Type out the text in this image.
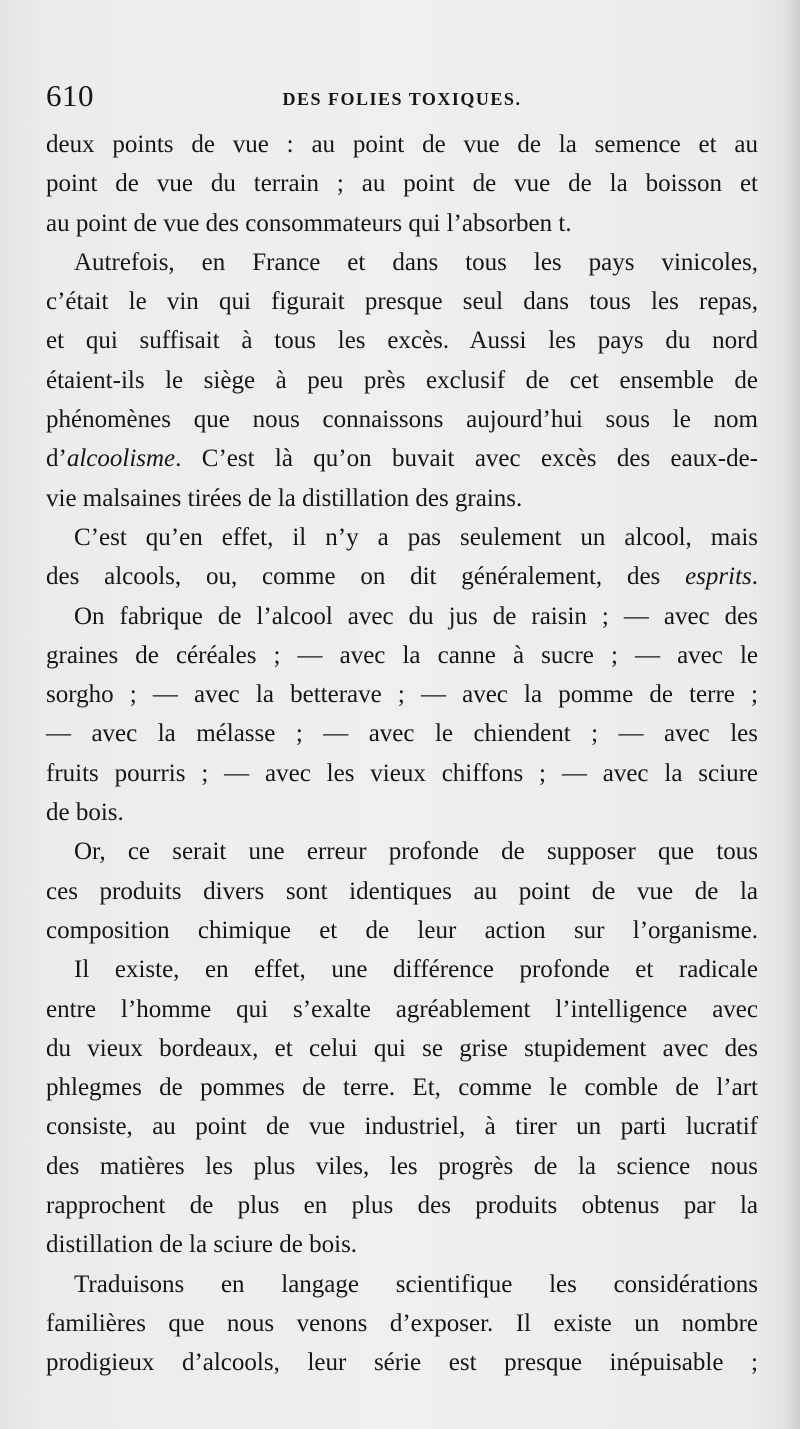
610	DES FOLIES TOXIQUES.
deux points de vue : au point de vue de la semence et au
point de vue du terrain ; au point de vue de la boisson et
au point de vue des consommateurs qui l’absorben t.
Autrefois, en France et dans tous les pays vinicoles,
c’était le vin qui figurait presque seul dans tous les repas,
et qui suffisait à tous les excès. Aussi les pays du nord
étaient-ils le siège à peu près exclusif de cet ensemble de
phénomènes que nous connaissons aujourd’hui sous le nom
d’alcoolisme. C’est là qu’on buvait avec excès des eaux-de-
vie malsaines tirées de la distillation des grains.
C’est qu’en effet, il n’y a pas seulement un alcool, mais
des alcools, ou, comme on dit généralement, des esprits.
On fabrique de l’alcool avec du jus de raisin ; — avec des
graines de céréales ; — avec la canne à sucre ; — avec le
sorgho ; — avec la betterave ; — avec la pomme de terre ;
— avec la mélasse ; — avec le chiendent ; — avec les
fruits pourris ; — avec les vieux chiffons ; — avec la sciure
de bois.
Or, ce serait une erreur profonde de supposer que tous
ces produits divers sont identiques au point de vue de la
composition chimique et de leur action sur l’organisme.
Il existe, en effet, une différence profonde et radicale
entre l’homme qui s’exalte agréablement l’intelligence avec
du vieux bordeaux, et celui qui se grise stupidement avec des
phlegmes de pommes de terre. Et, comme le comble de l’art
consiste, au point de vue industriel, à tirer un parti lucratif
des matières les plus viles, les progrès de la science nous
rapprochent de plus en plus des produits obtenus par la
distillation de la sciure de bois.
Traduisons en langage scientifique les considérations
familières que nous venons d’exposer. Il existe un nombre
prodigieux d’alcools, leur série est presque inépuisable ;
